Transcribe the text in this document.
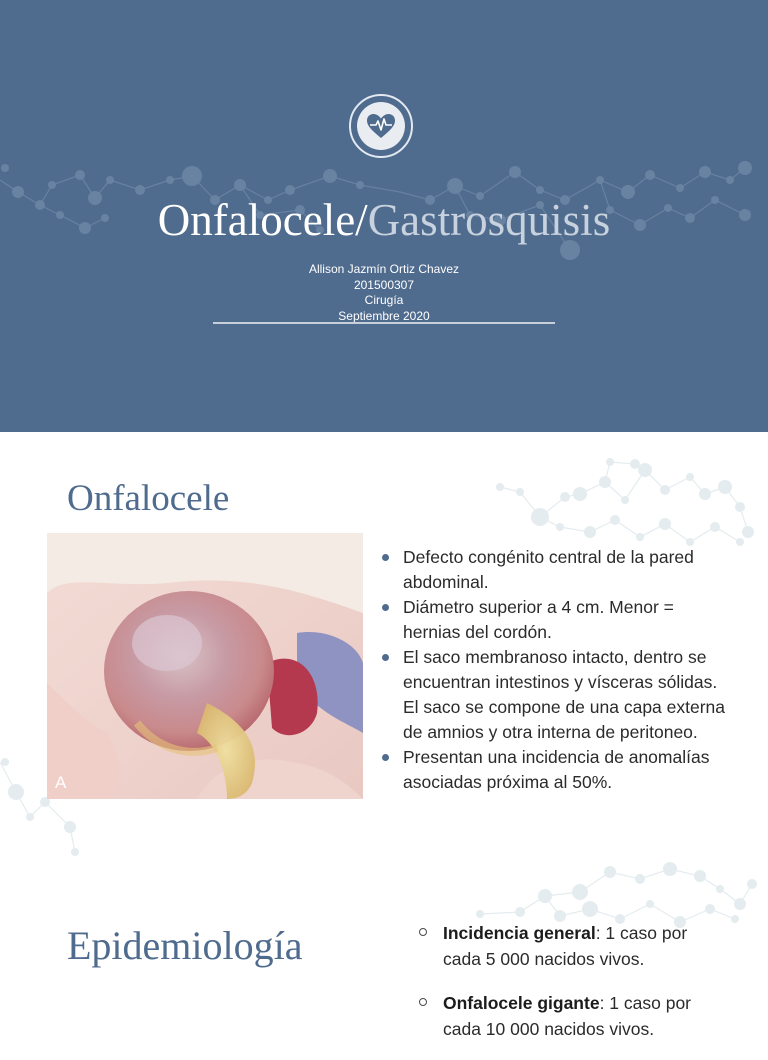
Onfalocele/Gastrosquisis
Allison Jazmín Ortiz Chavez
201500307
Cirugía
Septiembre 2020
Onfalocele
A
Defecto congénito central de la pared abdominal.
Diámetro superior a 4 cm. Menor = hernias del cordón.
El saco membranoso intacto, dentro se encuentran intestinos y vísceras sólidas. El saco se compone de una capa externa de amnios y otra interna de peritoneo.
Presentan una incidencia de anomalías asociadas próxima al 50%.
Epidemiología	Incidencia general: 1 caso por cada 5 000 nacidos vivos.
Onfalocele gigante: 1 caso por cada 10 000 nacidos vivos.
